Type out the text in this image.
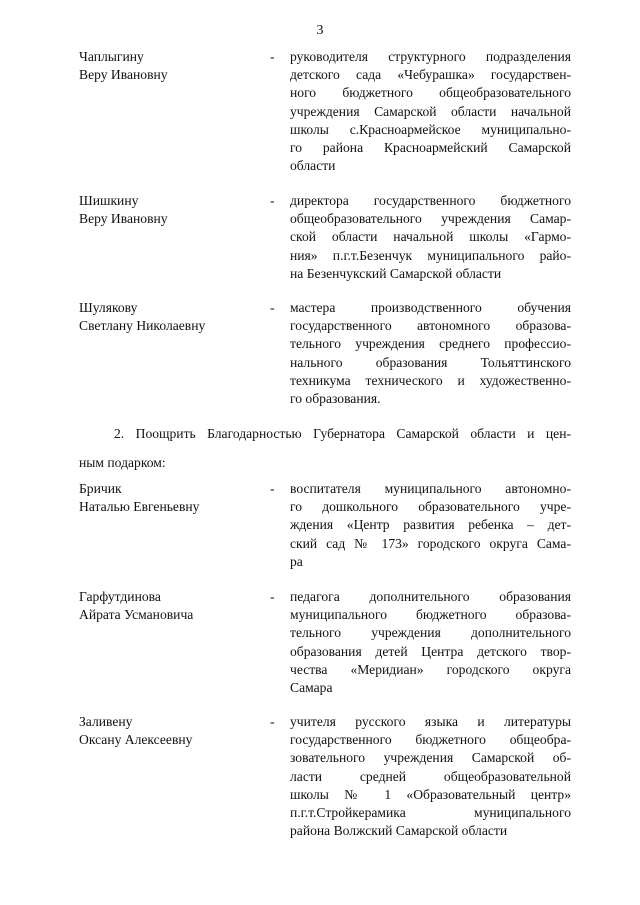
3
Чаплыгину
Веру Ивановну
- руководителя структурного подразделения
детского сада «Чебурашка» государствен-
ного бюджетного общеобразовательного
учреждения Самарской области начальной
школы с.Красноармейское муниципально-
го района Красноармейский Самарской
области
Шишкину
Веру Ивановну
- директора государственного бюджетного
общеобразовательного учреждения Самар-
ской области начальной школы «Гармо-
ния» п.г.т.Безенчук муниципального райо-
на Безенчукский Самарской области
Шулякову
Светлану Николаевну
- мастера производственного обучения
государственного автономного образова-
тельного учреждения среднего профессио-
нального образования Тольяттинского
техникума технического и художественно-
го образования.
2. Поощрить Благодарностью Губернатора Самарской области и цен-
ным подарком:
Бричик
Наталью Евгеньевну
- воспитателя муниципального автономно-
го дошкольного образовательного учре-
ждения «Центр развития ребенка – дет-
ский сад № 173» городского округа Сама-
ра
Гарфутдинова
Айрата Усмановича
- педагога дополнительного образования
муниципального бюджетного образова-
тельного учреждения дополнительного
образования детей Центра детского твор-
чества «Меридиан» городского округа
Самара
Заливену
Оксану Алексеевну
- учителя русского языка и литературы
государственного бюджетного общеобра-
зовательного учреждения Самарской об-
ласти средней общеобразовательной
школы № 1 «Образовательный центр»
п.г.т.Стройкерамика муниципального
района Волжский Самарской области
